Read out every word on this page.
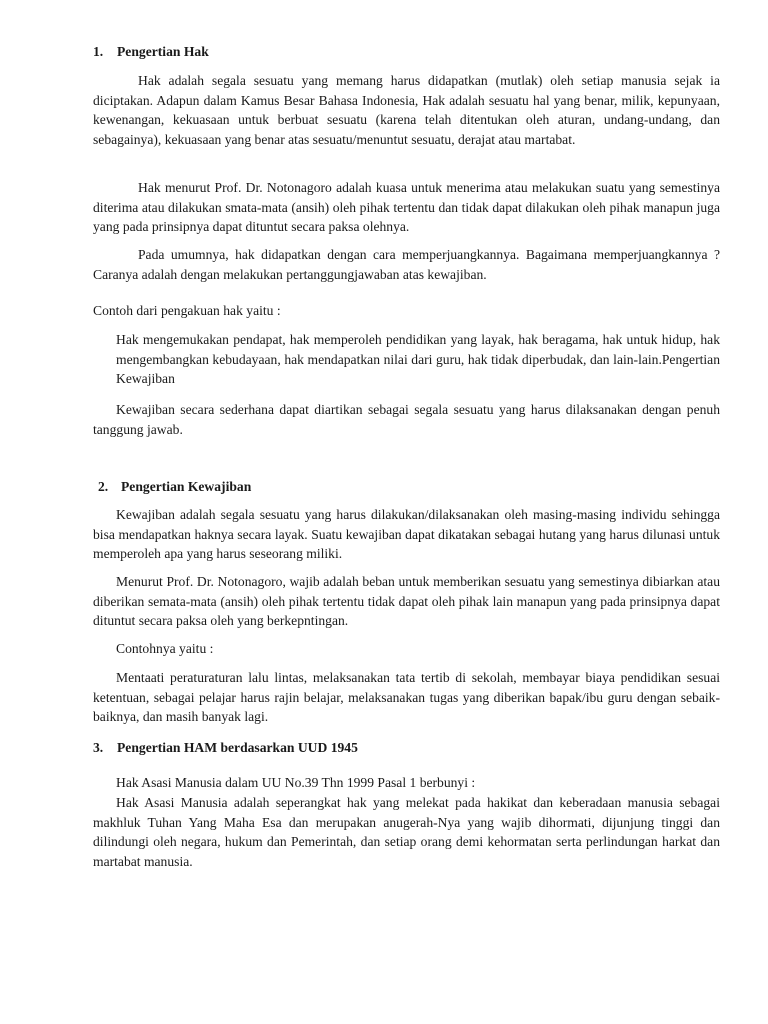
1. Pengertian Hak

Hak adalah segala sesuatu yang memang harus didapatkan (mutlak) oleh setiap manusia sejak ia diciptakan. Adapun dalam Kamus Besar Bahasa Indonesia, Hak adalah sesuatu hal yang benar, milik, kepunyaan, kewenangan, kekuasaan untuk berbuat sesuatu (karena telah ditentukan oleh aturan, undang-undang, dan sebagainya), kekuasaan yang benar atas sesuatu/menuntut sesuatu, derajat atau martabat.

Hak menurut Prof. Dr. Notonagoro adalah kuasa untuk menerima atau melakukan suatu yang semestinya diterima atau dilakukan smata-mata (ansih) oleh pihak tertentu dan tidak dapat dilakukan oleh pihak manapun juga yang pada prinsipnya dapat dituntut secara paksa olehnya.

Pada umumnya, hak didapatkan dengan cara memperjuangkannya. Bagaimana memperjuangkannya ? Caranya adalah dengan melakukan pertanggungjawaban atas kewajiban.

Contoh dari pengakuan hak yaitu :

Hak mengemukakan pendapat, hak memperoleh pendidikan yang layak, hak beragama, hak untuk hidup, hak mengembangkan kebudayaan, hak mendapatkan nilai dari guru, hak tidak diperbudak, dan lain-lain.Pengertian Kewajiban

Kewajiban secara sederhana dapat diartikan sebagai segala sesuatu yang harus dilaksanakan dengan penuh tanggung jawab.

2. Pengertian Kewajiban

Kewajiban adalah segala sesuatu yang harus dilakukan/dilaksanakan oleh masing-masing individu sehingga bisa mendapatkan haknya secara layak. Suatu kewajiban dapat dikatakan sebagai hutang yang harus dilunasi untuk memperoleh apa yang harus seseorang miliki.

Menurut Prof. Dr. Notonagoro, wajib adalah beban untuk memberikan sesuatu yang semestinya dibiarkan atau diberikan semata-mata (ansih) oleh pihak tertentu tidak dapat oleh pihak lain manapun yang pada prinsipnya dapat dituntut secara paksa oleh yang berkepntingan.

Contohnya yaitu :

Mentaati peraturaturan lalu lintas, melaksanakan tata tertib di sekolah, membayar biaya pendidikan sesuai ketentuan, sebagai pelajar harus rajin belajar, melaksanakan tugas yang diberikan bapak/ibu guru dengan sebaik-baiknya, dan masih banyak lagi.

3. Pengertian HAM berdasarkan UUD 1945

Hak Asasi Manusia dalam UU No.39 Thn 1999 Pasal 1 berbunyi :

Hak Asasi Manusia adalah seperangkat hak yang melekat pada hakikat dan keberadaan manusia sebagai makhluk Tuhan Yang Maha Esa dan merupakan anugerah-Nya yang wajib dihormati, dijunjung tinggi dan dilindungi oleh negara, hukum dan Pemerintah, dan setiap orang demi kehormatan serta perlindungan harkat dan martabat manusia.
